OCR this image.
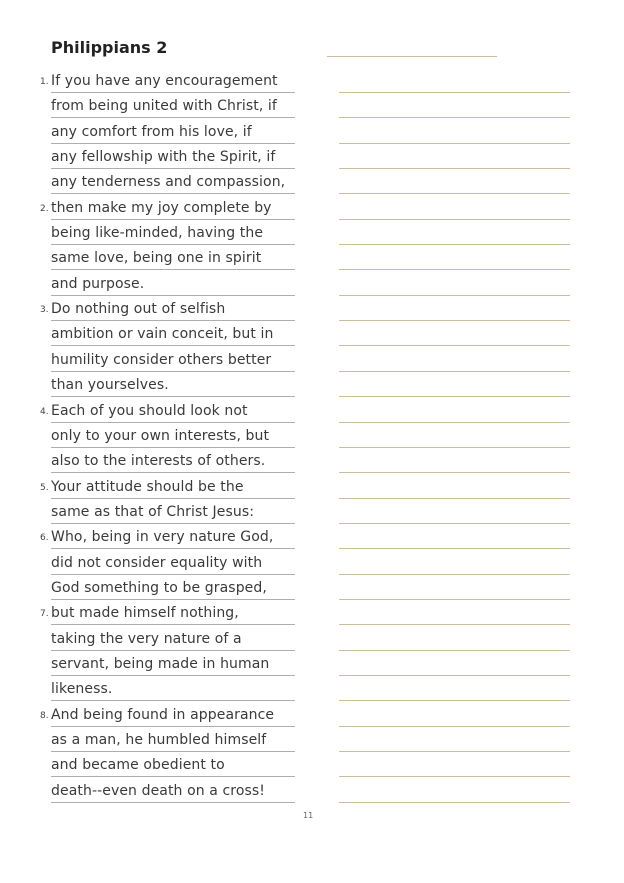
Philippians 2
1. If you have any encouragement
from being united with Christ, if
any comfort from his love, if
any fellowship with the Spirit, if
any tenderness and compassion,
2. then make my joy complete by
being like-minded, having the
same love, being one in spirit
and purpose.
3. Do nothing out of selfish
ambition or vain conceit, but in
humility consider others better
than yourselves.
4. Each of you should look not
only to your own interests, but
also to the interests of others.
5. Your attitude should be the
same as that of Christ Jesus:
6. Who, being in very nature God,
did not consider equality with
God something to be grasped,
7. but made himself nothing,
taking the very nature of a
servant, being made in human
likeness.
8. And being found in appearance
as a man, he humbled himself
and became obedient to
death--even death on a cross!
11
